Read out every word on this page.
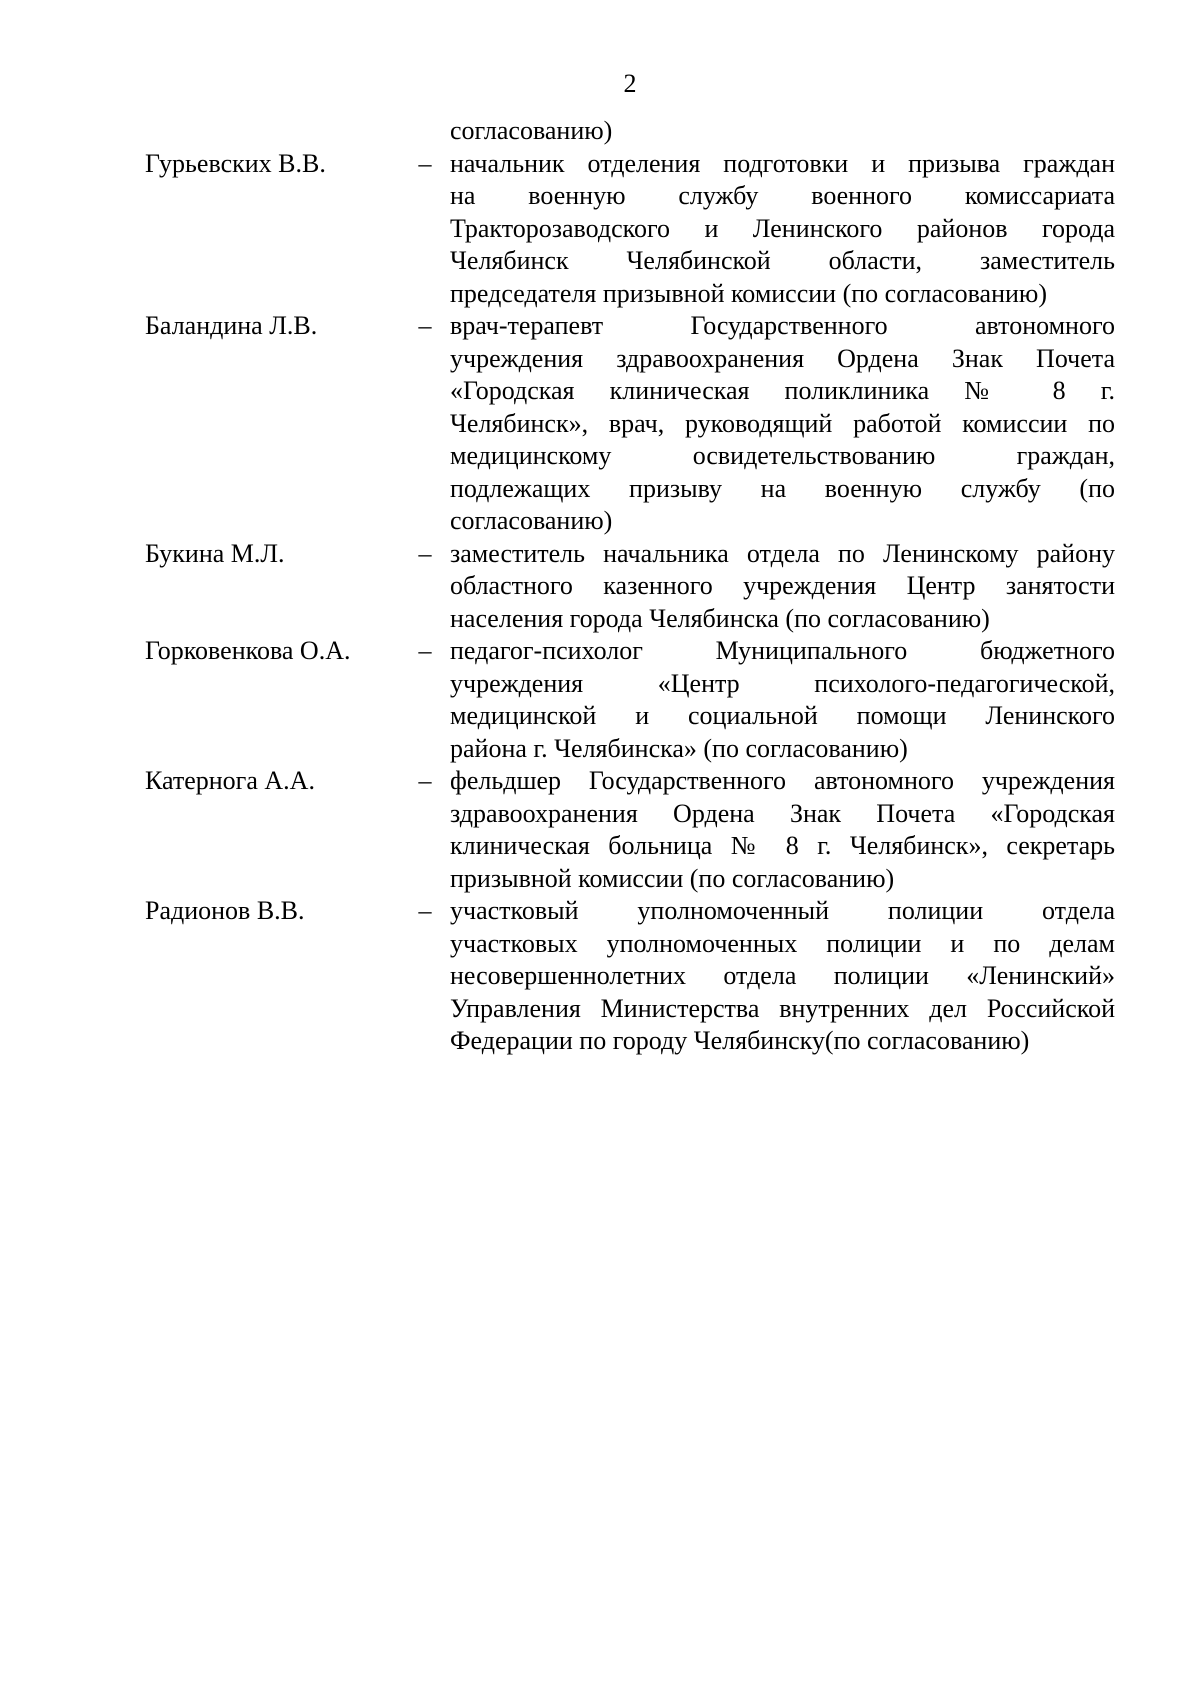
2
согласованию)
Гурьевских В.В.	– начальник отделения подготовки и призыва граждан
на военную службу военного комиссариата
Тракторозаводского и Ленинского районов города
Челябинск Челябинской области, заместитель
председателя призывной комиссии (по согласованию)
Баландина Л.В.	– врач-терапевт Государственного автономного
учреждения здравоохранения Ордена Знак Почета
«Городская клиническая поликлиника № 8 г.
Челябинск», врач, руководящий работой комиссии по
медицинскому освидетельствованию граждан,
подлежащих призыву на военную службу (по
согласованию)
Букина М.Л.	– заместитель начальника отдела по Ленинскому району
областного казенного учреждения Центр занятости
населения города Челябинска (по согласованию)
Горковенкова О.А.	– педагог-психолог Муниципального бюджетного
учреждения «Центр психолого-педагогической,
медицинской и социальной помощи Ленинского
района г. Челябинска» (по согласованию)
Катернога А.А.	– фельдшер Государственного автономного учреждения
здравоохранения Ордена Знак Почета «Городская
клиническая больница № 8 г. Челябинск», секретарь
призывной комиссии (по согласованию)
Радионов В.В.	– участковый уполномоченный полиции отдела
участковых уполномоченных полиции и по делам
несовершеннолетних отдела полиции «Ленинский»
Управления Министерства внутренних дел Российской
Федерации по городу Челябинску(по согласованию)
